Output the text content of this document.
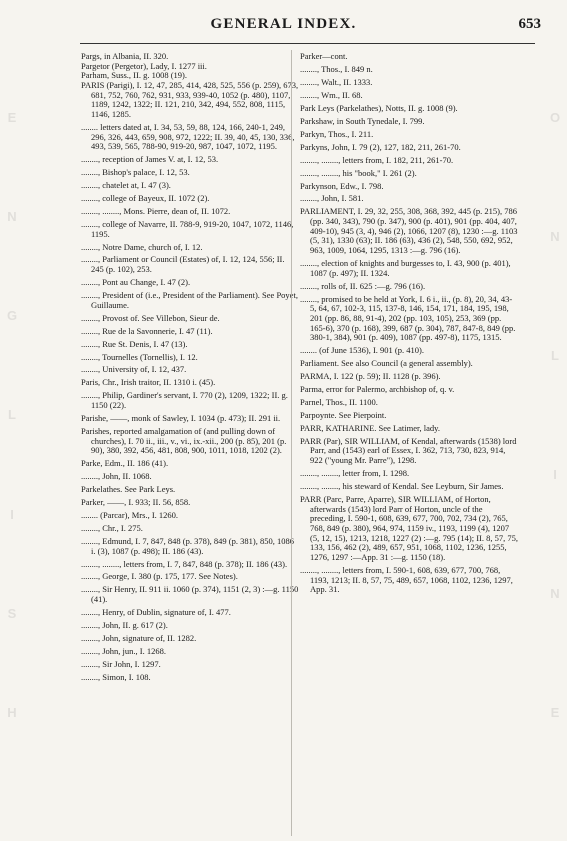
GENERAL INDEX.	653
E
N
G
L
I
S
H
O
N
L
I
N
E

Pargs, in Albania, II. 320.

Pargetor (Pergetor), Lady, I. 1277 iii.

Parham, Suss., II. g. 1008 (19).

PARIS (Parigi), I. 12, 47, 285, 414, 428, 525, 556 (p. 259), 673, 681, 752, 760, 762, 931, 933, 939-40, 1052 (p. 480), 1107, 1189, 1242, 1322; II. 121, 210, 342, 494, 552, 808, 1115, 1146, 1285.

........ letters dated at, I. 34, 53, 59, 88, 124, 166, 240-1, 249, 296, 326, 443, 659, 908, 972, 1222; II. 39, 40, 45, 130, 336, 493, 539, 565, 788-90, 919-20, 987, 1047, 1072, 1195.

........, reception of James V. at, I. 12, 53.

........, Bishop's palace, I. 12, 53.

........, chatelet at, I. 47 (3).

........, college of Bayeux, II. 1072 (2).

........, ........, Mons. Pierre, dean of, II. 1072.

........, college of Navarre, II. 788-9, 919-20, 1047, 1072, 1146, 1195.

........, Notre Dame, church of, I. 12.

........, Parliament or Council (Estates) of, I. 12, 124, 556; II. 245 (p. 102), 253.

........, Pont au Change, I. 47 (2).

........, President of (i.e., President of the Parliament). See Poyet, Guillaume.

........, Provost of. See Villebon, Sieur de.

........, Rue de la Savonnerie, I. 47 (11).

........, Rue St. Denis, I. 47 (13).

........, Tournelles (Tornellis), I. 12.

........, University of, I. 12, 437.

Paris, Chr., Irish traitor, II. 1310 i. (45).

........, Philip, Gardiner's servant, I. 770 (2), 1209, 1322; II. g. 1150 (22).

Parishe, ——, monk of Sawley, I. 1034 (p. 473); II. 291 ii.

Parishes, reported amalgamation of (and pulling down of churches), I. 70 ii., iii., v., vi., ix.-xii., 200 (p. 85), 201 (p. 90), 380, 392, 456, 481, 808, 900, 1011, 1018, 1202 (2).

Parke, Edm., II. 186 (41).

........, John, II. 1068.

Parkelathes. See Park Leys.

Parker, ——, I. 933; II. 56, 858.

........ (Parcar), Mrs., I. 1260.

........, Chr., I. 275.

........, Edmund, I. 7, 847, 848 (p. 378), 849 (p. 381), 850, 1086 i. (3), 1087 (p. 498); II. 186 (43).

........, ........, letters from, I. 7, 847, 848 (p. 378); II. 186 (43).

........, George, I. 380 (p. 175, 177. See Notes).

........, Sir Henry, II. 911 ii. 1060 (p. 374), 1151 (2, 3) :—g. 1150 (41).

........, Henry, of Dublin, signature of, I. 477.

........, John, II. g. 617 (2).

........, John, signature of, II. 1282.

........, John, jun., I. 1268.

........, Sir John, I. 1297.

........, Simon, I. 108.

Parker—cont.

........, Thos., I. 849 n.

........, Walt., II. 1333.

........, Wm., II. 68.

Park Leys (Parkelathes), Notts, II. g. 1008 (9).

Parkshaw, in South Tynedale, I. 799.

Parkyn, Thos., I. 211.

Parkyns, John, I. 79 (2), 127, 182, 211, 261-70.

........, ........, letters from, I. 182, 211, 261-70.

........, ........, his "book," I. 261 (2).

Parkynson, Edw., I. 798.

........, John, I. 581.

PARLIAMENT, I. 29, 32, 255, 308, 368, 392, 445 (p. 215), 786 (pp. 340, 343), 790 (p. 347), 900 (p. 401), 901 (pp. 404, 407, 409-10), 945 (3, 4), 946 (2), 1066, 1207 (8), 1230 :—g. 1103 (5, 31), 1330 (63); II. 186 (63), 436 (2), 548, 550, 692, 952, 963, 1009, 1064, 1295, 1313 :—g. 796 (16).

........, election of knights and burgesses to, I. 43, 900 (p. 401), 1087 (p. 497); II. 1324.

........, rolls of, II. 625 :—g. 796 (16).

........, promised to be held at York, I. 6 i., ii., (p. 8), 20, 34, 43-5, 64, 67, 102-3, 115, 137-8, 146, 154, 171, 184, 195, 198, 201 (pp. 86, 88, 91-4), 202 (pp. 103, 105), 253, 369 (pp. 165-6), 370 (p. 168), 399, 687 (p. 304), 787, 847-8, 849 (pp. 380-1, 384), 901 (p. 409), 1087 (pp. 497-8), 1175, 1315.

........ (of June 1536), I. 901 (p. 410).

Parliament. See also Council (a general assembly).

PARMA, I. 122 (p. 59); II. 1128 (p. 396).

Parma, error for Palermo, archbishop of, q. v.

Parnel, Thos., II. 1100.

Parpoynte. See Pierpoint.

PARR, KATHARINE. See Latimer, lady.

PARR (Par), SIR WILLIAM, of Kendal, afterwards (1538) lord Parr, and (1543) earl of Essex, I. 362, 713, 730, 823, 914, 922 ("young Mr. Parre"), 1298.

........, ........, letter from, I. 1298.

........, ........, his steward of Kendal. See Leyburn, Sir James.

PARR (Parc, Parre, Aparre), SIR WILLIAM, of Horton, afterwards (1543) lord Parr of Horton, uncle of the preceding, I. 590-1, 608, 639, 677, 700, 702, 734 (2), 765, 768, 849 (p. 380), 964, 974, 1159 iv., 1193, 1199 (4), 1207 (5, 12, 15), 1213, 1218, 1227 (2) :—g. 795 (14); II. 8, 57, 75, 133, 156, 462 (2), 489, 657, 951, 1068, 1102, 1236, 1255, 1276, 1297 :—App. 31 :—g. 1150 (18).

........, ........, letters from, I. 590-1, 608, 639, 677, 700, 768, 1193, 1213; II. 8, 57, 75, 489, 657, 1068, 1102, 1236, 1297, App. 31.
